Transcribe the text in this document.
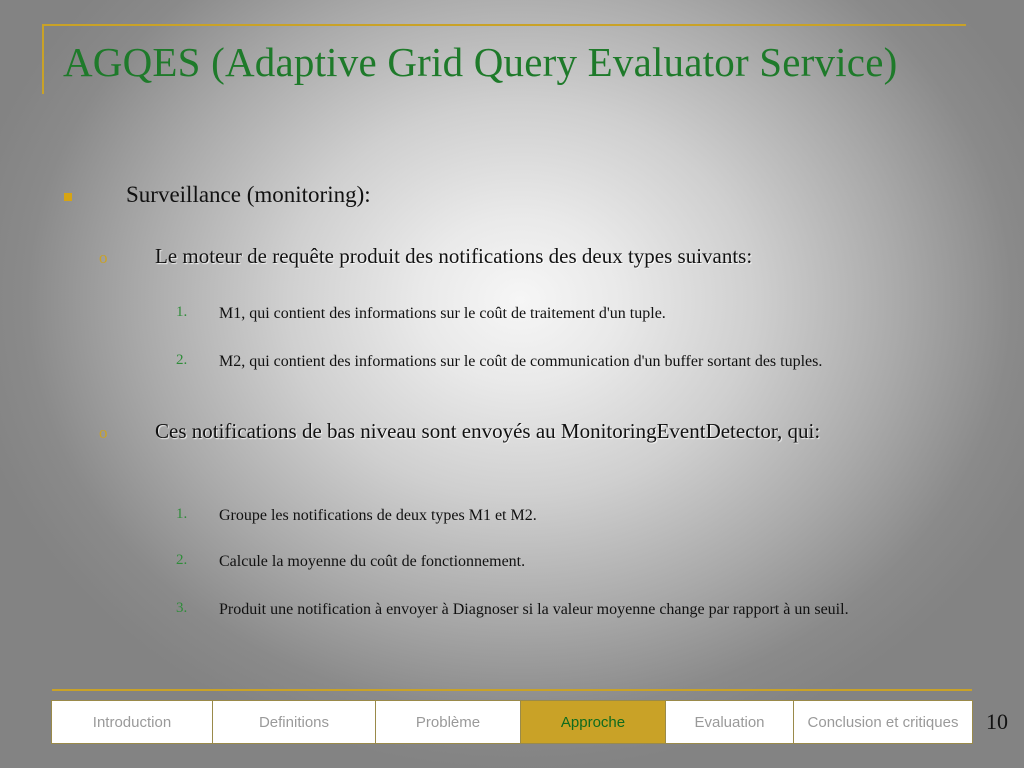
AGQES (Adaptive Grid Query Evaluator Service)
Surveillance (monitoring):
o Le moteur de requête produit des notifications des deux types suivants:
1. M1, qui contient des informations sur le coût de traitement d'un tuple.
2. M2, qui contient des informations sur le coût de communication d'un buffer sortant des tuples.
o Ces notifications de bas niveau sont envoyés au MonitoringEventDetector, qui:
1. Groupe les notifications de deux types M1 et M2.
2. Calcule la moyenne du coût de fonctionnement.
3. Produit une notification à envoyer à Diagnoser si la valeur moyenne change par rapport à un seuil.
Introduction	Definitions	Problème	Approche	Evaluation	Conclusion et critiques	10
